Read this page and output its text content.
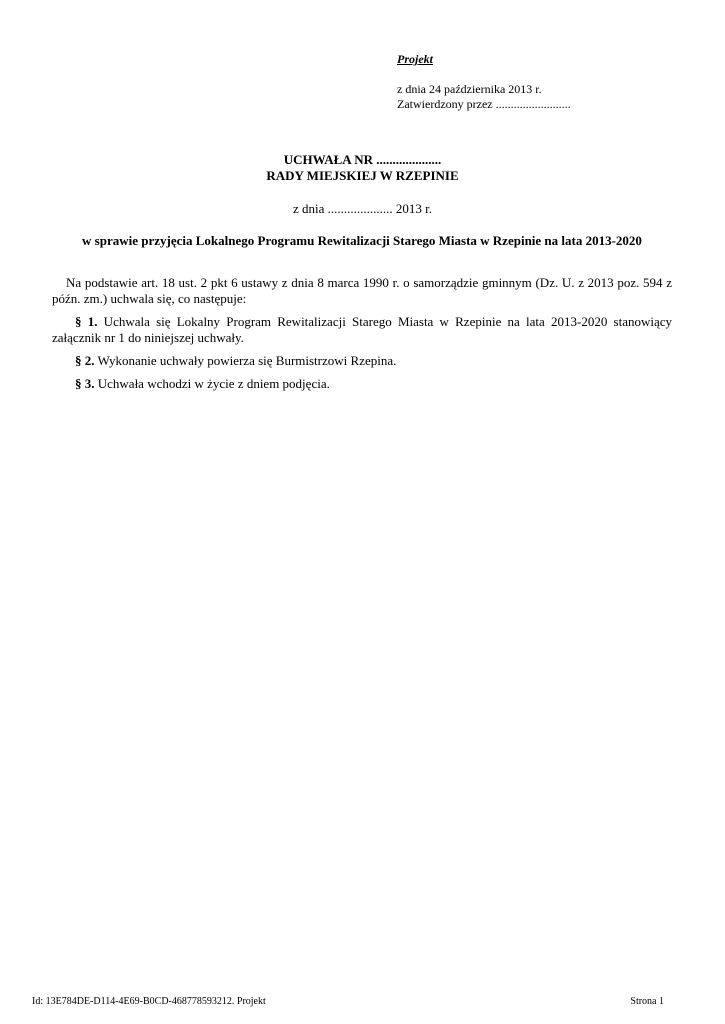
Projekt
z dnia 24 października 2013 r.
Zatwierdzony przez .........................
UCHWAŁA NR ....................
RADY MIEJSKIEJ W RZEPINIE
z dnia .................... 2013 r.
w sprawie przyjęcia Lokalnego Programu Rewitalizacji Starego Miasta w Rzepinie na lata 2013-2020

Na podstawie art. 18 ust. 2 pkt 6 ustawy z dnia 8 marca 1990 r. o samorządzie gminnym (Dz. U. z 2013 poz. 594 z późn. zm.) uchwala się, co następuje:

§ 1. Uchwala się Lokalny Program Rewitalizacji Starego Miasta w Rzepinie na lata 2013-2020 stanowiący załącznik nr 1 do niniejszej uchwały.

§ 2. Wykonanie uchwały powierza się Burmistrzowi Rzepina.

§ 3. Uchwała wchodzi w życie z dniem podjęcia.

Id: 13E784DE-D114-4E69-B0CD-468778593212. Projekt	Strona 1
